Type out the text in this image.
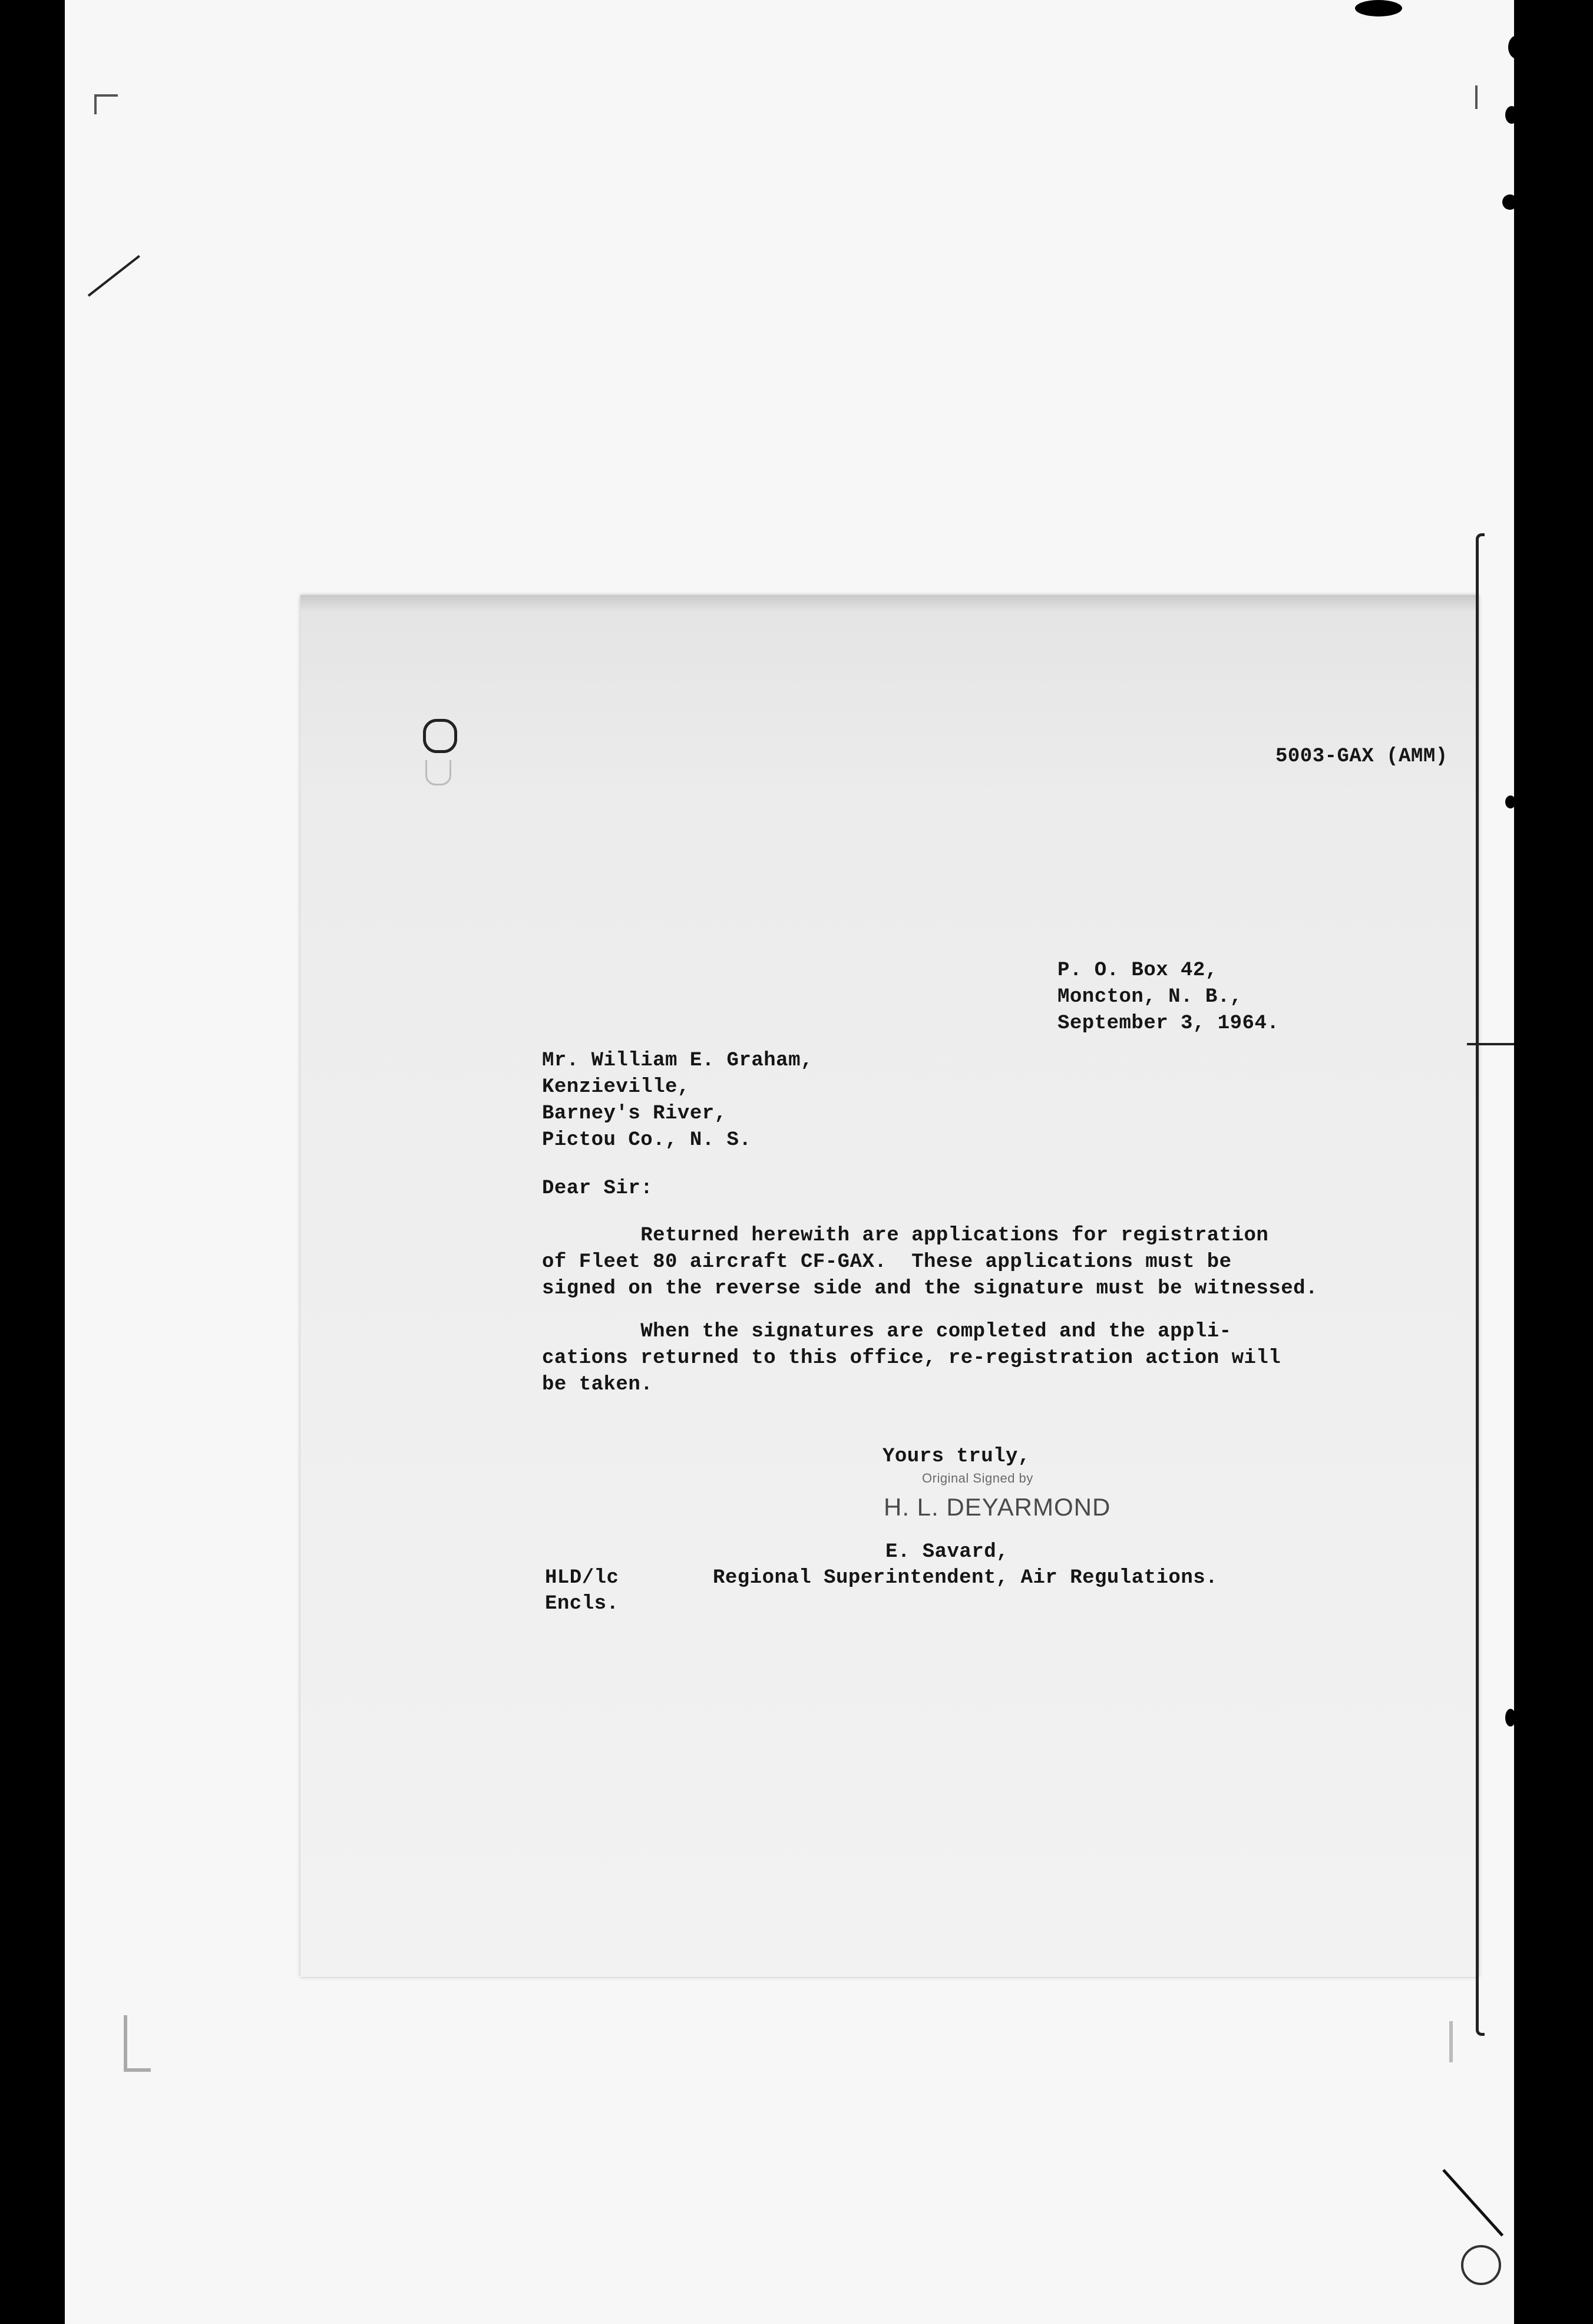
5003-GAX (AMM)
P. O. Box 42,
Moncton, N. B.,
September 3, 1964.
Mr. William E. Graham,
Kenzieville,
Barney's River,
Pictou Co., N. S.
Dear Sir:
Returned herewith are applications for registration
of Fleet 80 aircraft CF-GAX.  These applications must be
signed on the reverse side and the signature must be witnessed.
When the signatures are completed and the appli-
cations returned to this office, re-registration action will
be taken.
Yours truly,
Original Signed by
H. L. DEYARMOND
E. Savard,
Regional Superintendent, Air Regulations.
HLD/lc
Encls.
